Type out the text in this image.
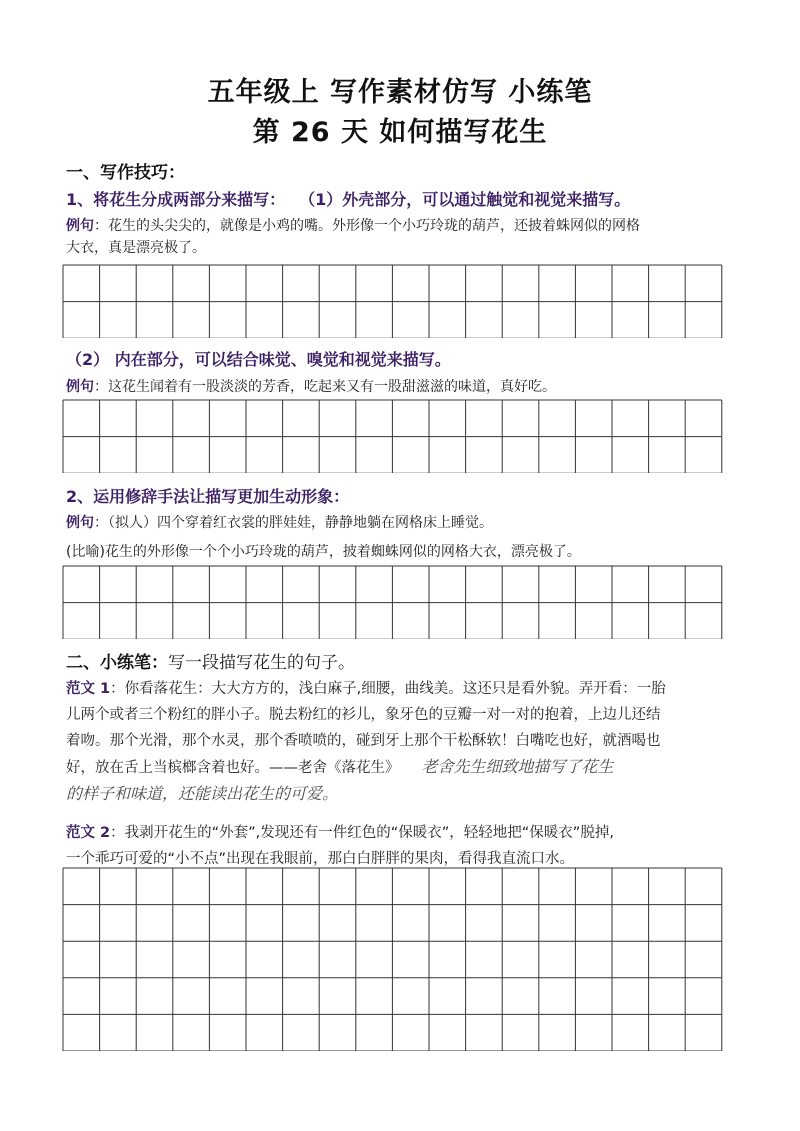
五年级上 写作素材仿写 小练笔
第 26 天 如何描写花生
一、写作技巧：
1、将花生分成两部分来描写： （1）外壳部分，可以通过触觉和视觉来描写。
例句：花生的头尖尖的，就像是小鸡的嘴。外形像一个小巧玲珑的葫芦，还披着蛛网似的网格
大衣，真是漂亮极了。
（2） 内在部分，可以结合味觉、嗅觉和视觉来描写。
例句：这花生闻着有一股淡淡的芳香，吃起来又有一股甜滋滋的味道，真好吃。
2、运用修辞手法让描写更加生动形象：
例句：（拟人）四个穿着红衣裳的胖娃娃，静静地躺在网格床上睡觉。
(比喻)花生的外形像一个个小巧玲珑的葫芦，披着蜘蛛网似的网格大衣，漂亮极了。
二、小练笔：写一段描写花生的句子。
范文 1：你看落花生：大大方方的，浅白麻子,细腰，曲线美。这还只是看外貌。弄开看：一胎
儿两个或者三个粉红的胖小子。脱去粉红的衫儿，象牙色的豆瓣一对一对的抱着，上边儿还结
着吻。那个光滑，那个水灵，那个香喷喷的，碰到牙上那个干松酥软！白嘴吃也好，就酒喝也
好，放在舌上当槟榔含着也好。——老舍《落花生》 老舍先生细致地描写了花生
的样子和味道，还能读出花生的可爱。
范文 2：我剥开花生的“外套”,发现还有一件红色的“保暖衣”，轻轻地把“保暖衣”脱掉,
一个乖巧可爱的“小不点”出现在我眼前，那白白胖胖的果肉，看得我直流口水。
